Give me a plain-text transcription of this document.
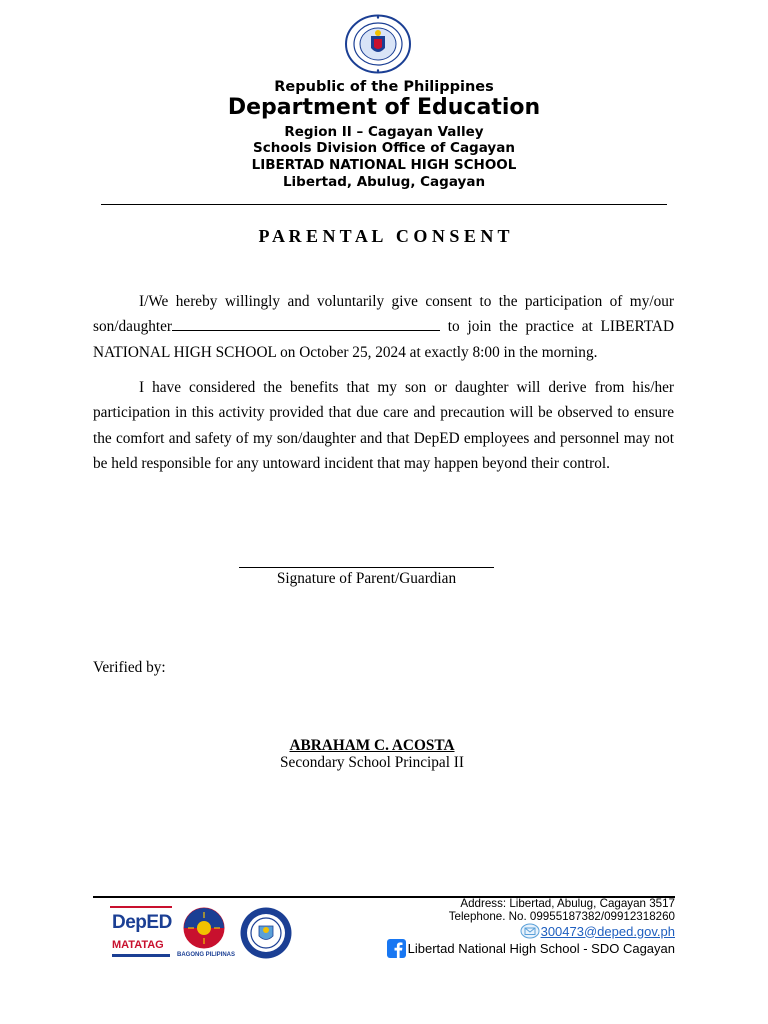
Republic of the Philippines
Department of Education
Region II – Cagayan Valley
Schools Division Office of Cagayan
LIBERTAD NATIONAL HIGH SCHOOL
Libertad, Abulug, Cagayan
P A R E N T A L   C O N S E N T
I/We hereby willingly and voluntarily give consent to the participation of my/our son/daughter	to join the practice at LIBERTAD NATIONAL HIGH SCHOOL on October 25, 2024 at exactly 8:00 in the morning.
I have considered the benefits that my son or daughter will derive from his/her participation in this activity provided that due care and precaution will be observed to ensure the comfort and safety of my son/daughter and that DepED employees and personnel may not be held responsible for any untoward incident that may happen beyond their control.
Signature of Parent/Guardian
Verified by:
ABRAHAM C. ACOSTA
Secondary School Principal II
DepED
MATATAG
BAGONG PILIPINAS
Address: Libertad, Abulug, Cagayan 3517
Telephone. No. 09955187382/09912318260
300473@deped.gov.ph
Libertad National High School - SDO Cagayan
